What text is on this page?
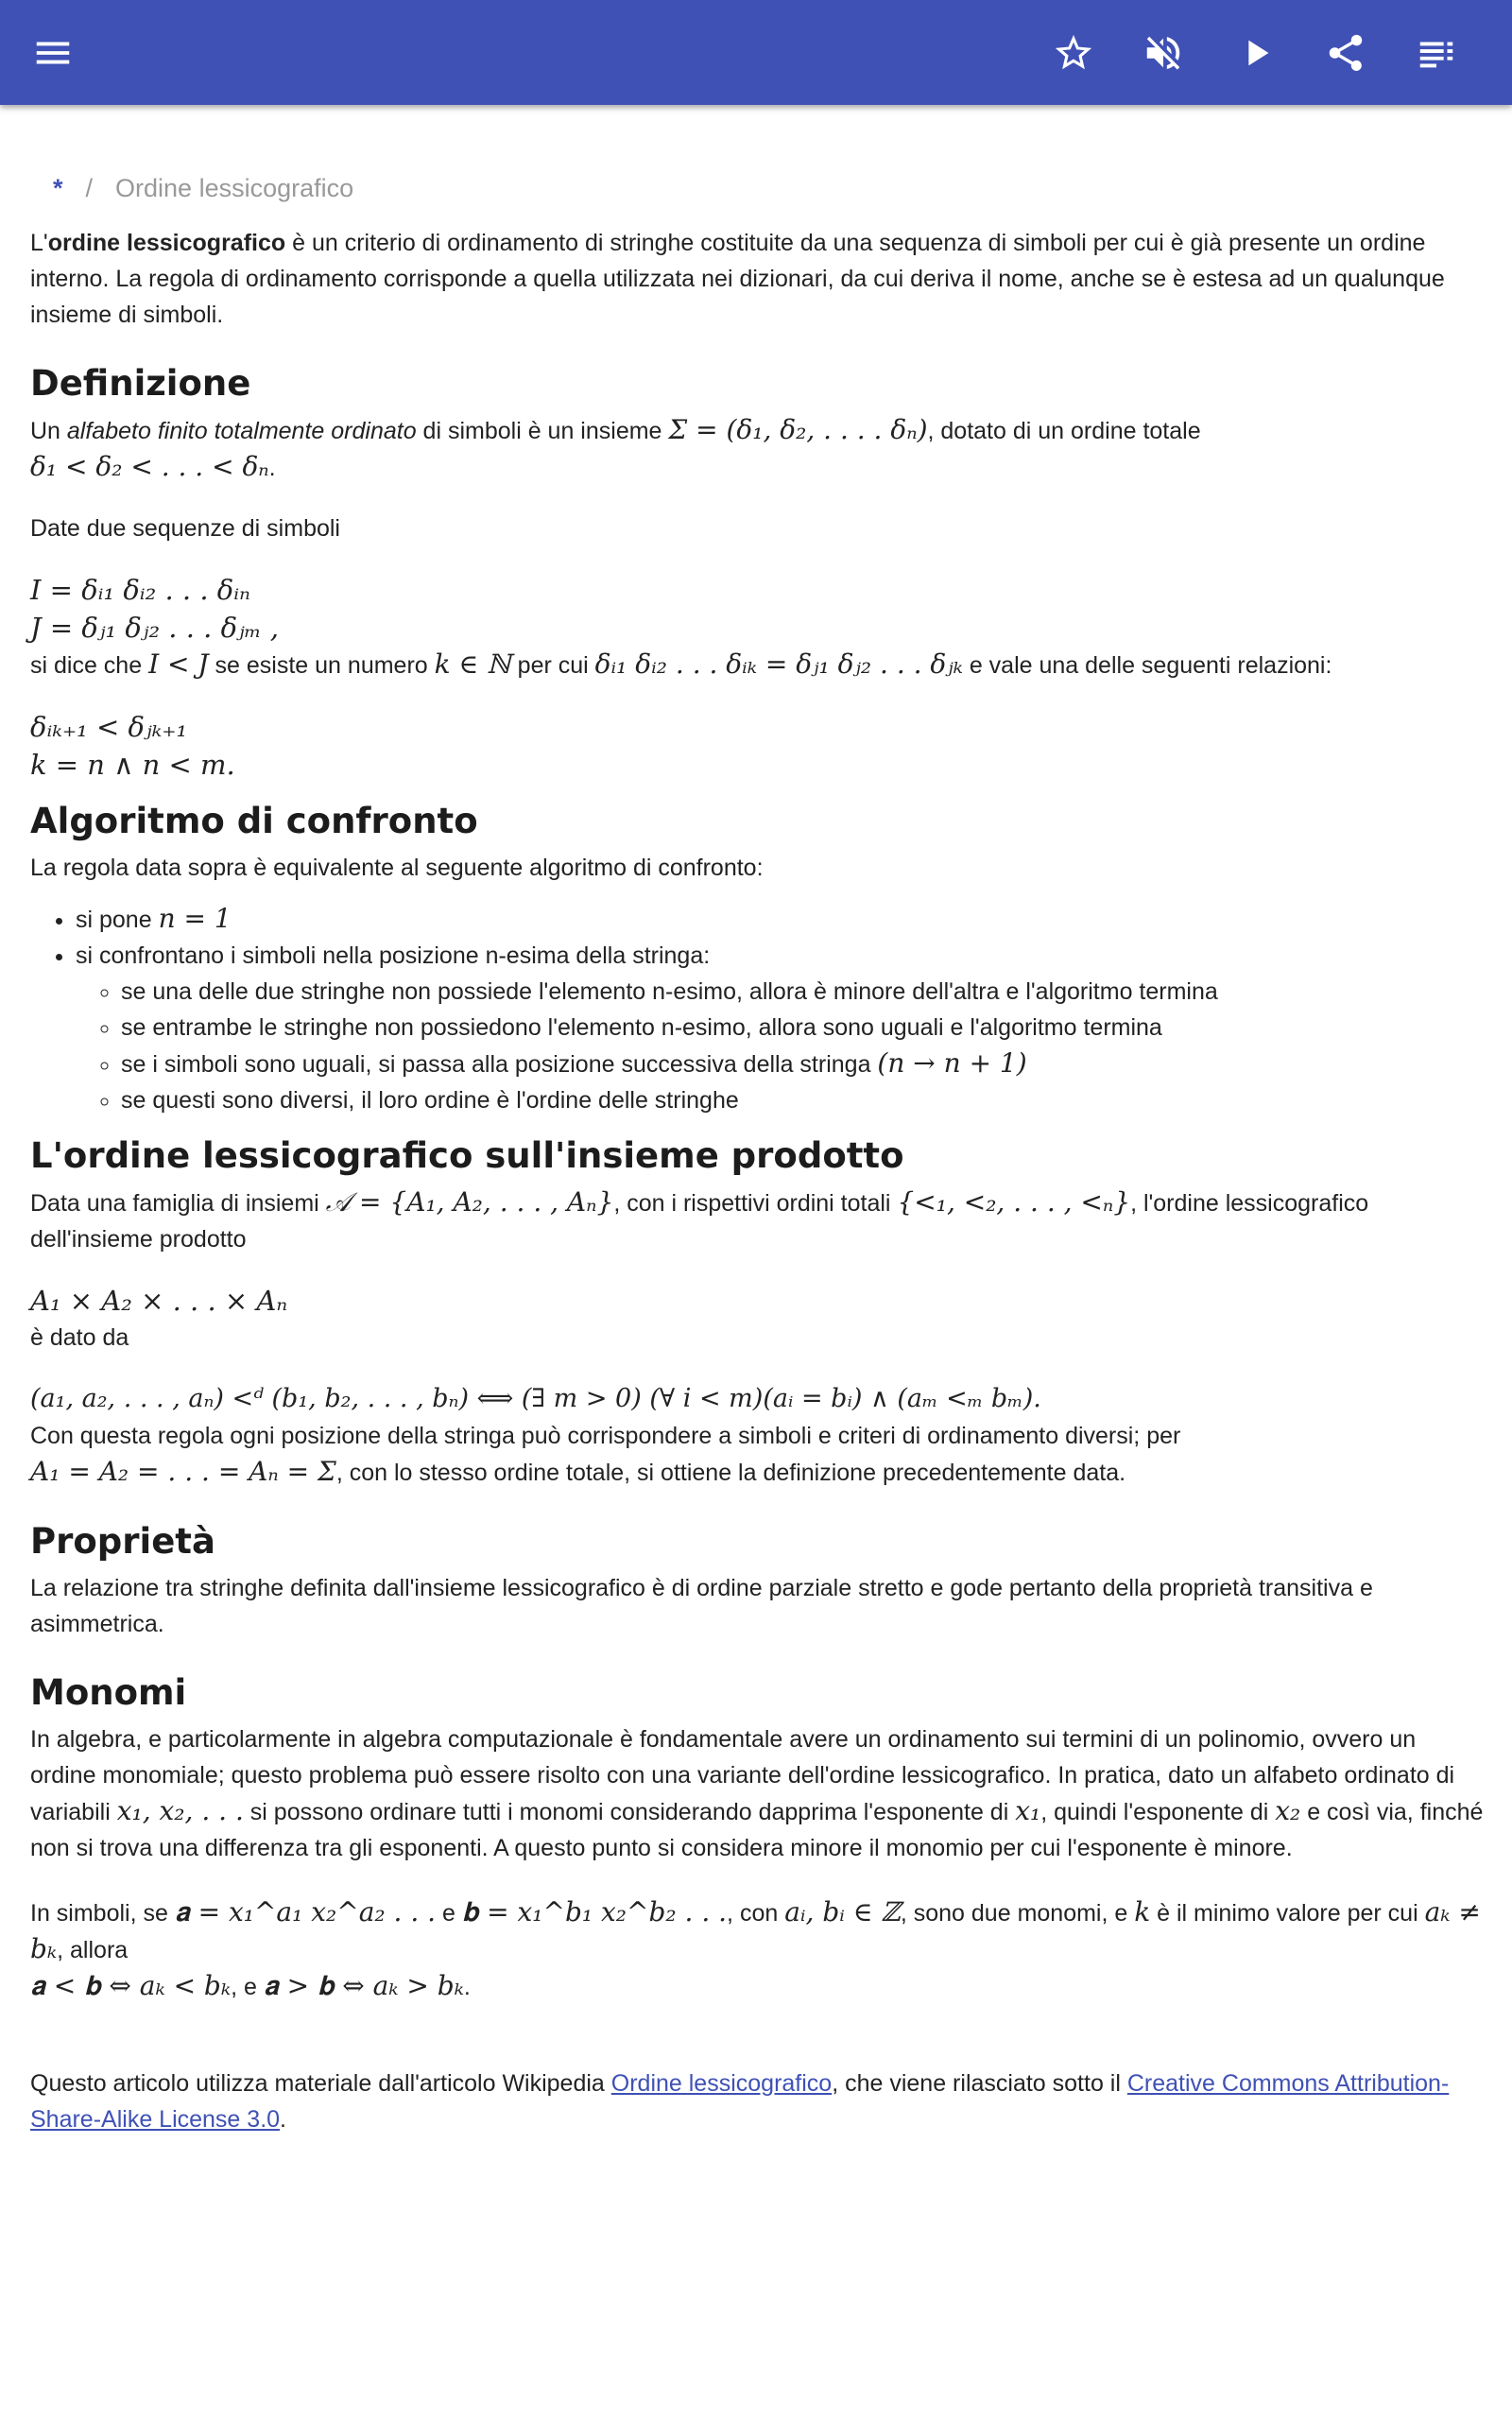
* / Ordine lessicografico

L'ordine lessicografico è un criterio di ordinamento di stringhe costituite da una sequenza di simboli per cui è già presente un ordine interno. La regola di ordinamento corrisponde a quella utilizzata nei dizionari, da cui deriva il nome, anche se è estesa ad un qualunque insieme di simboli.

Definizione

Un alfabeto finito totalmente ordinato di simboli è un insieme Σ = (δ₁, δ₂, . . . . δₙ), dotato di un ordine totale
δ₁ < δ₂ < . . . < δₙ.

Date due sequenze di simboli

I = δᵢ₁ δᵢ₂ . . . δᵢₙ
J = δⱼ₁ δⱼ₂ . . . δⱼₘ ,

si dice che I < J se esiste un numero k ∈ ℕ per cui δᵢ₁ δᵢ₂ . . . δᵢₖ = δⱼ₁ δⱼ₂ . . . δⱼₖ e vale una delle seguenti relazioni:

δᵢₖ₊₁ < δⱼₖ₊₁
k = n ∧ n < m.
Algoritmo di confronto

La regola data sopra è equivalente al seguente algoritmo di confronto:

• si pone n = 1
• si confrontano i simboli nella posizione n-esima della stringa:
◦ se una delle due stringhe non possiede l'elemento n-esimo, allora è minore dell'altra e l'algoritmo termina
◦ se entrambe le stringhe non possiedono l'elemento n-esimo, allora sono uguali e l'algoritmo termina
◦ se i simboli sono uguali, si passa alla posizione successiva della stringa (n → n + 1)
◦ se questi sono diversi, il loro ordine è l'ordine delle stringhe
L'ordine lessicografico sull'insieme prodotto

Data una famiglia di insiemi 𝒜 = {A₁, A₂, . . . , Aₙ}, con i rispettivi ordini totali {<₁, <₂, . . . , <ₙ}, l'ordine lessicografico dell'insieme prodotto

A₁ × A₂ × . . . × Aₙ

è dato da

(a₁, a₂, . . . , aₙ) <ᵈ (b₁, b₂, . . . , bₙ) ⟺ (∃ m > 0) (∀ i < m)(aᵢ = bᵢ) ∧ (aₘ <ₘ bₘ).

Con questa regola ogni posizione della stringa può corrispondere a simboli e criteri di ordinamento diversi; per
A₁ = A₂ = . . . = Aₙ = Σ, con lo stesso ordine totale, si ottiene la definizione precedentemente data.

Proprietà

La relazione tra stringhe definita dall'insieme lessicografico è di ordine parziale stretto e gode pertanto della proprietà transitiva e asimmetrica.

Monomi

In algebra, e particolarmente in algebra computazionale è fondamentale avere un ordinamento sui termini di un polinomio, ovvero un ordine monomiale; questo problema può essere risolto con una variante dell'ordine lessicografico. In pratica, dato un alfabeto ordinato di variabili x₁, x₂, . . . si possono ordinare tutti i monomi considerando dapprima l'esponente di x₁, quindi l'esponente di x₂ e così via, finché non si trova una differenza tra gli esponenti. A questo punto si considera minore il monomio per cui l'esponente è minore.

In simboli, se 𝐚 = x₁^a₁ x₂^a₂ . . . e 𝐛 = x₁^b₁ x₂^b₂ . . ., con aᵢ, bᵢ ∈ ℤ, sono due monomi, e k è il minimo valore per cui aₖ ≠ bₖ, allora
𝐚 < 𝐛 ⇔ aₖ < bₖ, e 𝐚 > 𝐛 ⇔ aₖ > bₖ.

Questo articolo utilizza materiale dall'articolo Wikipedia Ordine lessicografico, che viene rilasciato sotto il Creative Commons Attribution-Share-Alike License 3.0.
